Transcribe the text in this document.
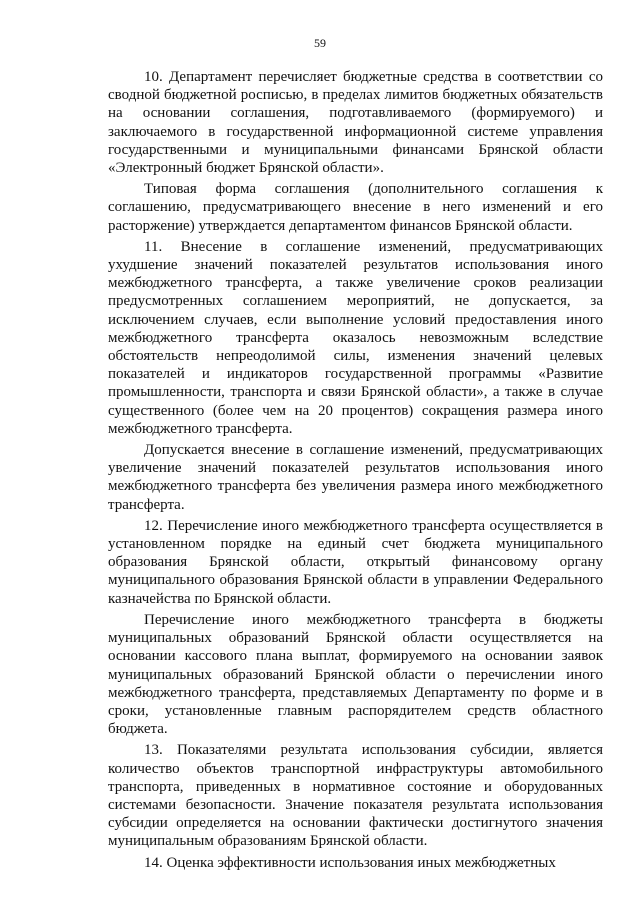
59

10. Департамент перечисляет бюджетные средства в соответствии со сводной бюджетной росписью, в пределах лимитов бюджетных обязательств на основании соглашения, подготавливаемого (формируемого) и заключаемого в государственной информационной системе управления государственными и муниципальными финансами Брянской области «Электронный бюджет Брянской области».

Типовая форма соглашения (дополнительного соглашения к соглашению, предусматривающего внесение в него изменений и его расторжение) утверждается департаментом финансов Брянской области.

11. Внесение в соглашение изменений, предусматривающих ухудшение значений показателей результатов использования иного межбюджетного трансферта, а также увеличение сроков реализации предусмотренных соглашением мероприятий, не допускается, за исключением случаев, если выполнение условий предоставления иного межбюджетного трансферта оказалось невозможным вследствие обстоятельств непреодолимой силы, изменения значений целевых показателей и индикаторов государственной программы «Развитие промышленности, транспорта и связи Брянской области», а также в случае существенного (более чем на 20 процентов) сокращения размера иного межбюджетного трансферта.

Допускается внесение в соглашение изменений, предусматривающих увеличение значений показателей результатов использования иного межбюджетного трансферта без увеличения размера иного межбюджетного трансферта.

12. Перечисление иного межбюджетного трансферта осуществляется в установленном порядке на единый счет бюджета муниципального образования Брянской области, открытый финансовому органу муниципального образования Брянской области в управлении Федерального казначейства по Брянской области.

Перечисление иного межбюджетного трансферта в бюджеты муниципальных образований Брянской области осуществляется на основании кассового плана выплат, формируемого на основании заявок муниципальных образований Брянской области о перечислении иного межбюджетного трансферта, представляемых Департаменту по форме и в сроки, установленные главным распорядителем средств областного бюджета.

13. Показателями результата использования субсидии, является количество объектов транспортной инфраструктуры автомобильного транспорта, приведенных в нормативное состояние и оборудованных системами безопасности. Значение показателя результата использования субсидии определяется на основании фактически достигнутого значения муниципальным образованиям Брянской области.

14. Оценка эффективности использования иных межбюджетных
